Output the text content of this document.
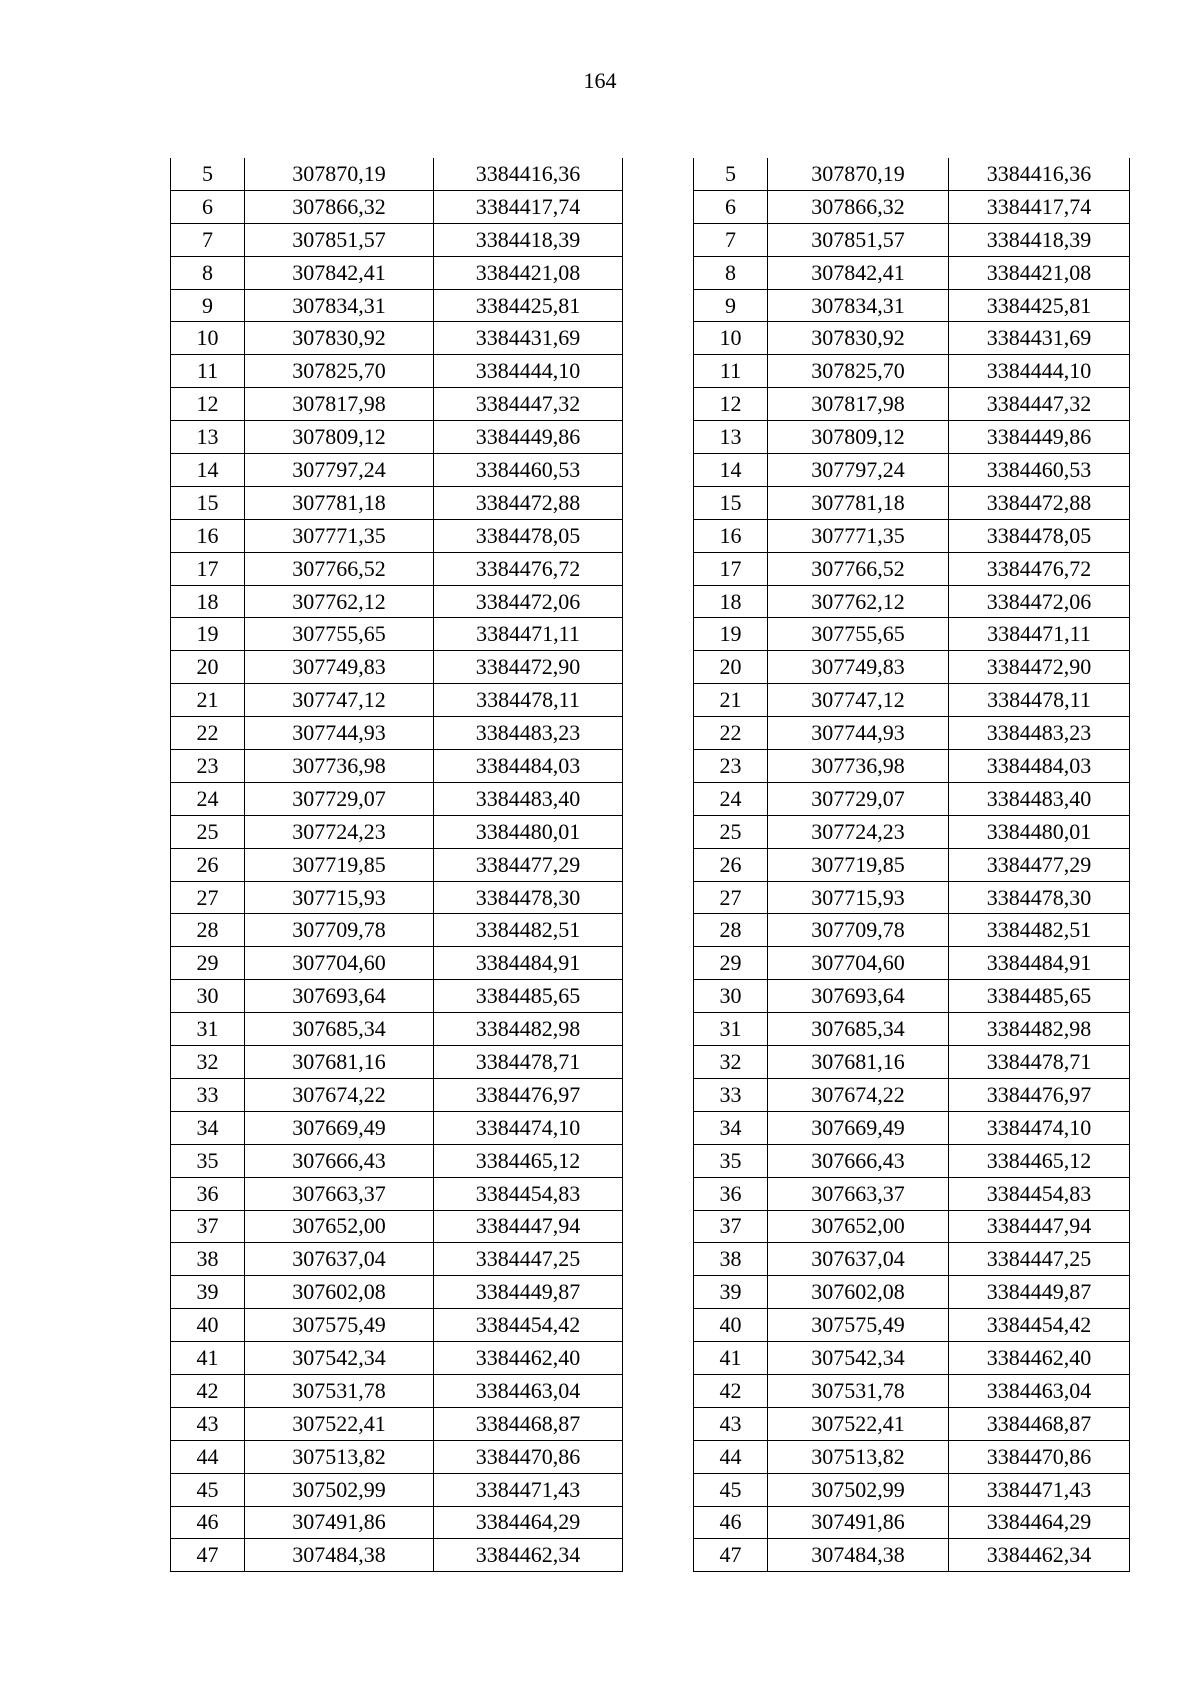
164
5	307870,19	3384416,36
6	307866,32	3384417,74
7	307851,57	3384418,39
8	307842,41	3384421,08
9	307834,31	3384425,81
10	307830,92	3384431,69
11	307825,70	3384444,10
12	307817,98	3384447,32
13	307809,12	3384449,86
14	307797,24	3384460,53
15	307781,18	3384472,88
16	307771,35	3384478,05
17	307766,52	3384476,72
18	307762,12	3384472,06
19	307755,65	3384471,11
20	307749,83	3384472,90
21	307747,12	3384478,11
22	307744,93	3384483,23
23	307736,98	3384484,03
24	307729,07	3384483,40
25	307724,23	3384480,01
26	307719,85	3384477,29
27	307715,93	3384478,30
28	307709,78	3384482,51
29	307704,60	3384484,91
30	307693,64	3384485,65
31	307685,34	3384482,98
32	307681,16	3384478,71
33	307674,22	3384476,97
34	307669,49	3384474,10
35	307666,43	3384465,12
36	307663,37	3384454,83
37	307652,00	3384447,94
38	307637,04	3384447,25
39	307602,08	3384449,87
40	307575,49	3384454,42
41	307542,34	3384462,40
42	307531,78	3384463,04
43	307522,41	3384468,87
44	307513,82	3384470,86
45	307502,99	3384471,43
46	307491,86	3384464,29
47	307484,38	3384462,34
5	307870,19	3384416,36
6	307866,32	3384417,74
7	307851,57	3384418,39
8	307842,41	3384421,08
9	307834,31	3384425,81
10	307830,92	3384431,69
11	307825,70	3384444,10
12	307817,98	3384447,32
13	307809,12	3384449,86
14	307797,24	3384460,53
15	307781,18	3384472,88
16	307771,35	3384478,05
17	307766,52	3384476,72
18	307762,12	3384472,06
19	307755,65	3384471,11
20	307749,83	3384472,90
21	307747,12	3384478,11
22	307744,93	3384483,23
23	307736,98	3384484,03
24	307729,07	3384483,40
25	307724,23	3384480,01
26	307719,85	3384477,29
27	307715,93	3384478,30
28	307709,78	3384482,51
29	307704,60	3384484,91
30	307693,64	3384485,65
31	307685,34	3384482,98
32	307681,16	3384478,71
33	307674,22	3384476,97
34	307669,49	3384474,10
35	307666,43	3384465,12
36	307663,37	3384454,83
37	307652,00	3384447,94
38	307637,04	3384447,25
39	307602,08	3384449,87
40	307575,49	3384454,42
41	307542,34	3384462,40
42	307531,78	3384463,04
43	307522,41	3384468,87
44	307513,82	3384470,86
45	307502,99	3384471,43
46	307491,86	3384464,29
47	307484,38	3384462,34
